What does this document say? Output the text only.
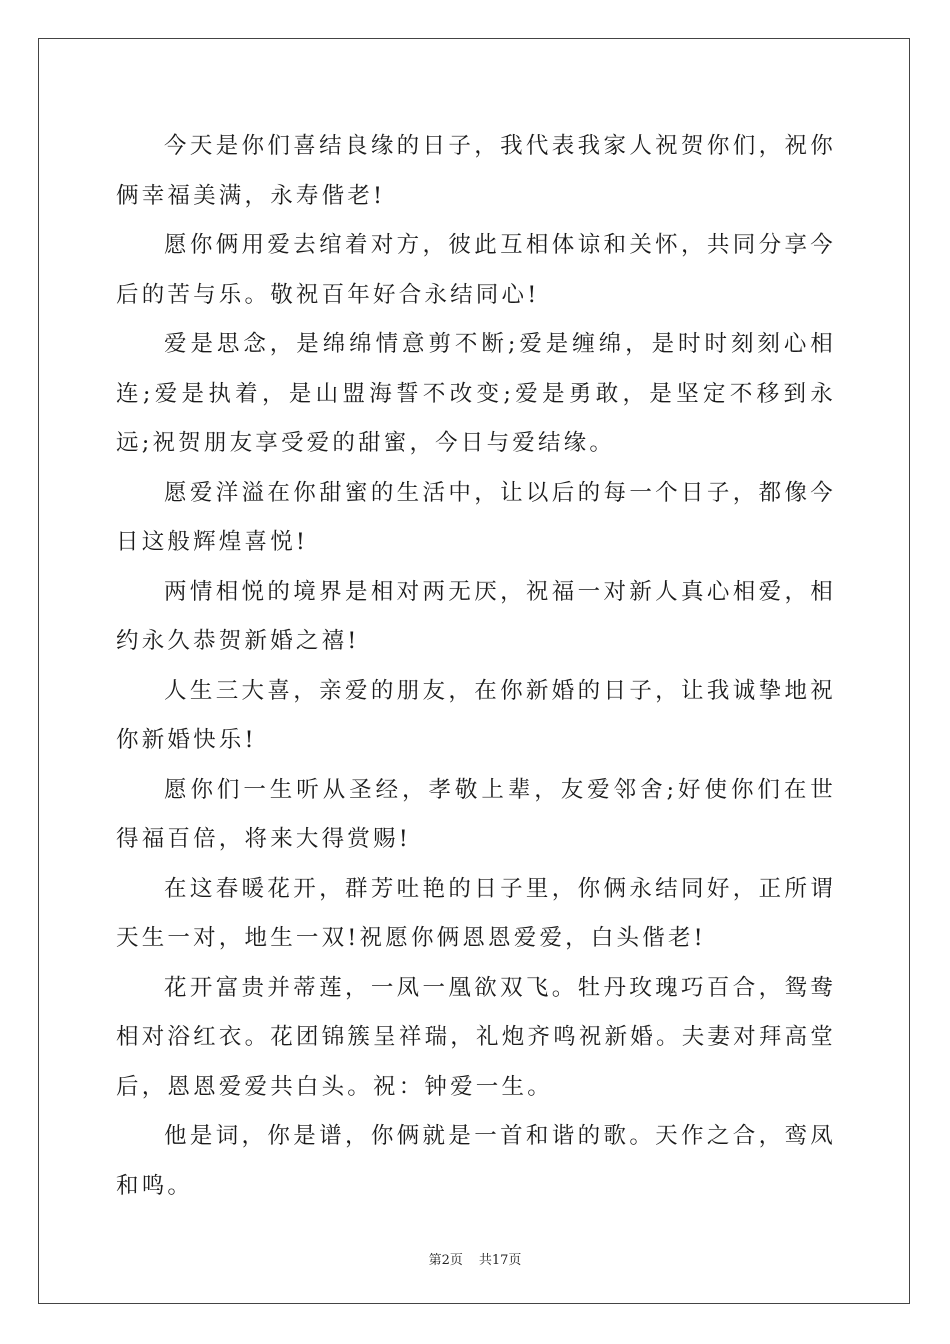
今天是你们喜结良缘的日子，我代表我家人祝贺你们，祝你俩幸福美满，永寿偕老!

愿你俩用爱去绾着对方，彼此互相体谅和关怀，共同分享今后的苦与乐。敬祝百年好合永结同心!

爱是思念，是绵绵情意剪不断;爱是缠绵，是时时刻刻心相连;爱是执着，是山盟海誓不改变;爱是勇敢，是坚定不移到永远;祝贺朋友享受爱的甜蜜，今日与爱结缘。

愿爱洋溢在你甜蜜的生活中，让以后的每一个日子，都像今日这般辉煌喜悦!

两情相悦的境界是相对两无厌，祝福一对新人真心相爱，相约永久恭贺新婚之禧!

人生三大喜，亲爱的朋友，在你新婚的日子，让我诚挚地祝你新婚快乐!

愿你们一生听从圣经，孝敬上辈，友爱邻舍;好使你们在世得福百倍，将来大得赏赐!

在这春暖花开，群芳吐艳的日子里，你俩永结同好，正所谓天生一对，地生一双!祝愿你俩恩恩爱爱，白头偕老!

花开富贵并蒂莲，一凤一凰欲双飞。牡丹玫瑰巧百合，鸳鸯相对浴红衣。花团锦簇呈祥瑞，礼炮齐鸣祝新婚。夫妻对拜高堂后，恩恩爱爱共白头。祝：钟爱一生。

他是词，你是谱，你俩就是一首和谐的歌。天作之合，鸾凤和鸣。

第2页 共17页
